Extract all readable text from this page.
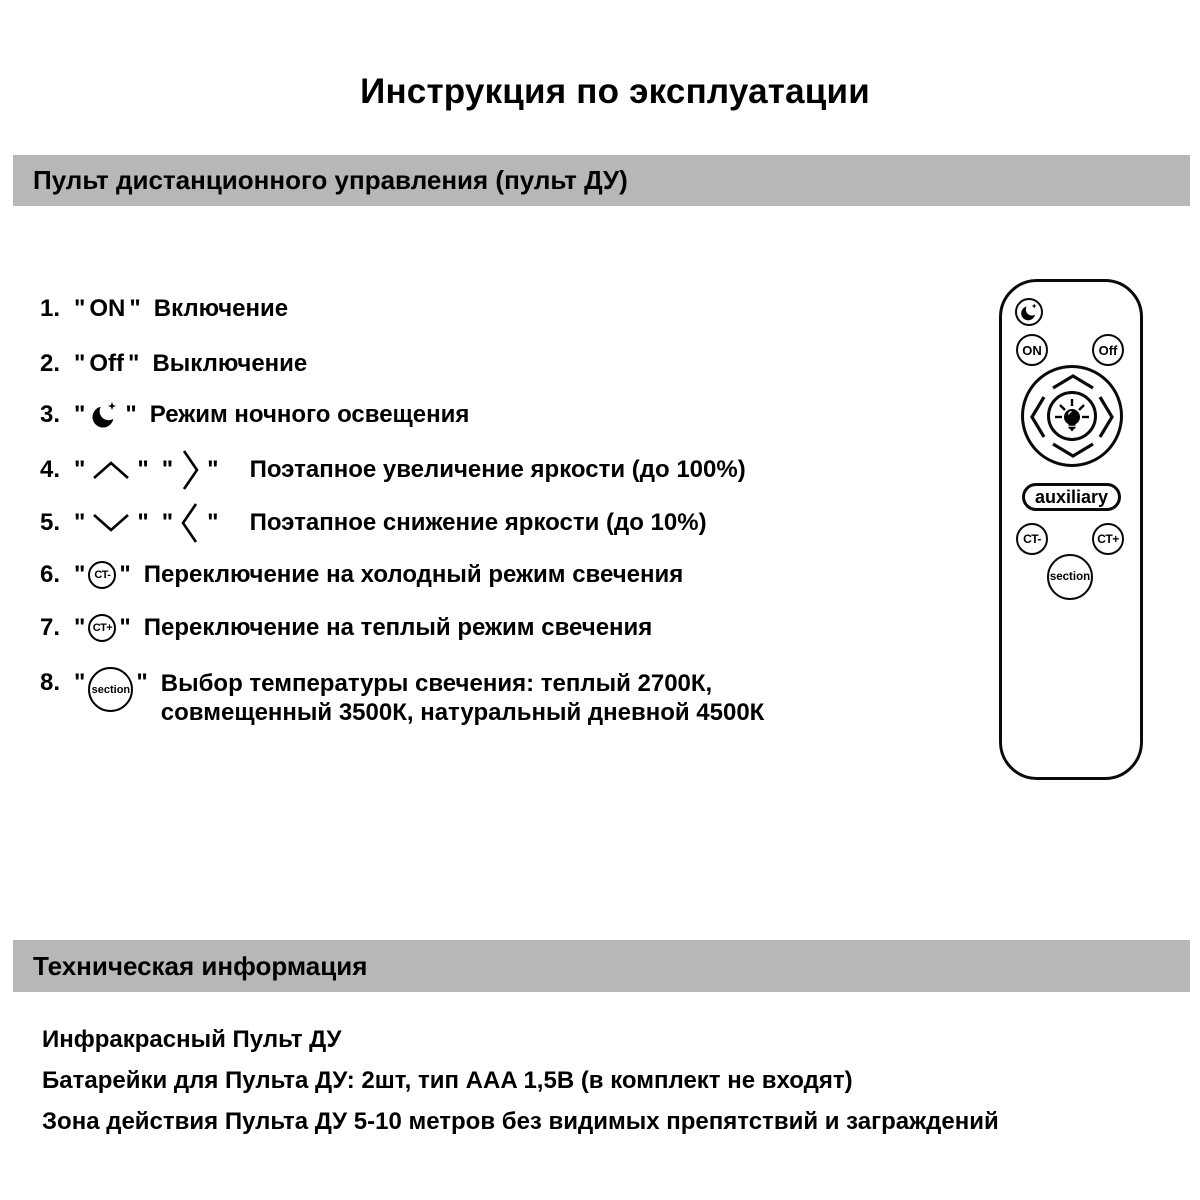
Инструкция по эксплуатации
Пульт дистанционного управления (пульт ДУ)
1. " ON " Включение
2. " Off " Выключение
3. " " Режим ночного освещения
4. " " " " Поэтапное увеличение яркости (до 100%)
5. " " " " Поэтапное снижение яркости (до 10%)
6. " CT- " Переключение на холодный режим свечения
7. " CT+ " Переключение на теплый режим свечения
8. " section " Выбор температуры свечения: теплый 2700К, совмещенный 3500К, натуральный дневной 4500К
ON	Off
auxiliary
CT-	CT+
section
Техническая информация
Инфракрасный Пульт ДУ
Батарейки для Пульта ДУ: 2шт, тип AAA 1,5В (в комплект не входят)
Зона действия Пульта ДУ 5-10 метров без видимых препятствий и заграждений
